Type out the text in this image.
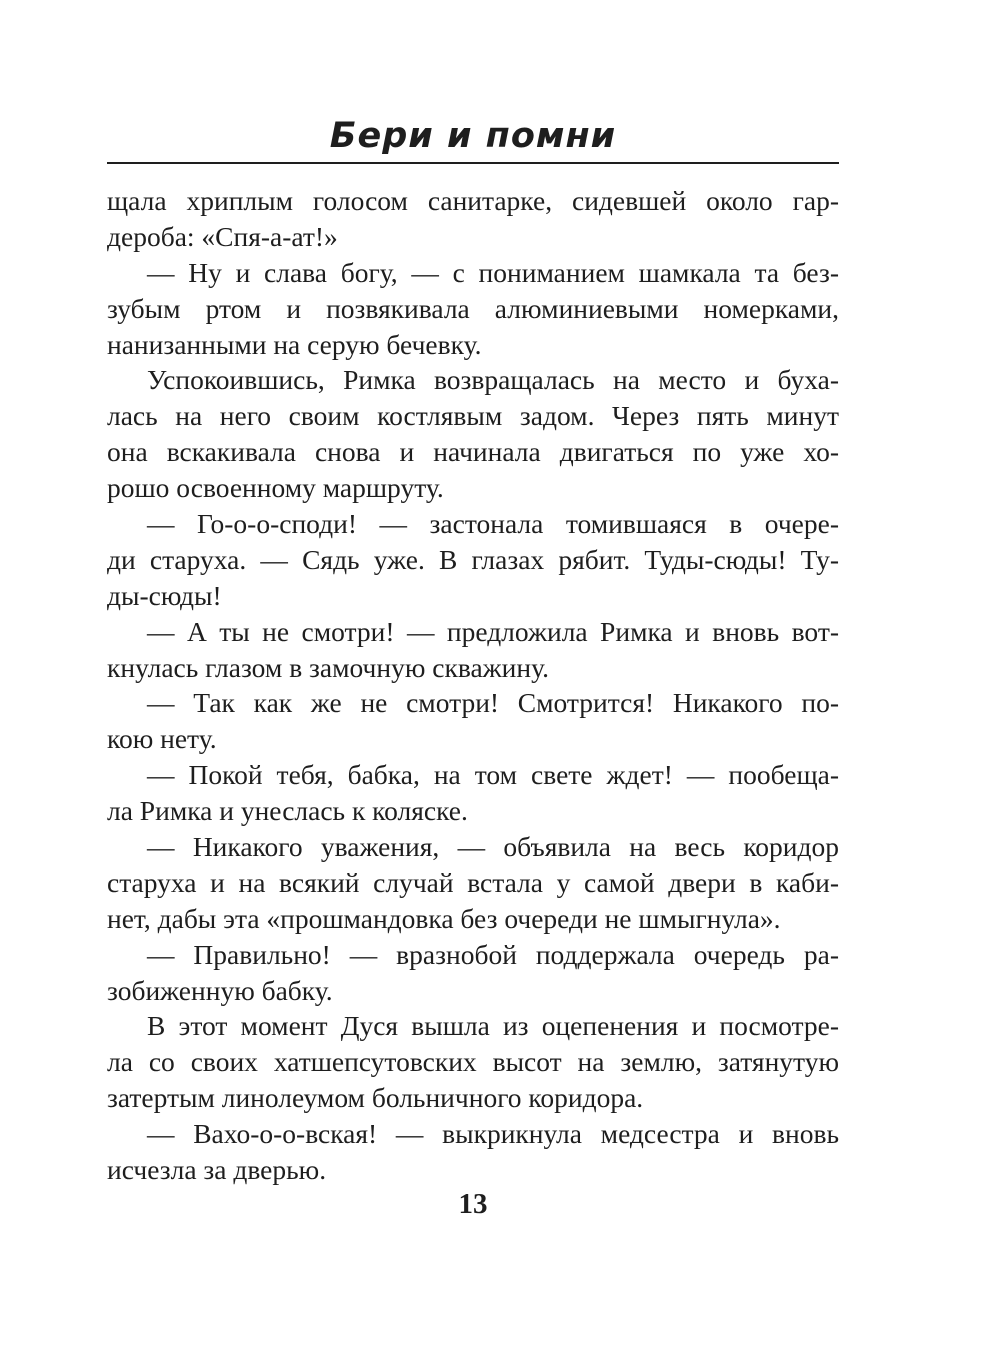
Бери и помни
щала хриплым голосом санитарке, сидевшей около гар-
дероба: «Спя-а-ат!»
— Ну и слава богу, — с пониманием шамкала та без-
зубым ртом и позвякивала алюминиевыми номерками,
нанизанными на серую бечевку.
Успокоившись, Римка возвращалась на место и буха-
лась на него своим костлявым задом. Через пять минут
она вскакивала снова и начинала двигаться по уже хо-
рошо освоенному маршруту.
— Го-о-о-споди! — застонала томившаяся в очере-
ди старуха. — Сядь уже. В глазах рябит. Туды-сюды! Ту-
ды-сюды!
— А ты не смотри! — предложила Римка и вновь вот-
кнулась глазом в замочную скважину.
— Так как же не смотри! Смотрится! Никакого по-
кою нету.
— Покой тебя, бабка, на том свете ждет! — пообеща-
ла Римка и унеслась к коляске.
— Никакого уважения, — объявила на весь коридор
старуха и на всякий случай встала у самой двери в каби-
нет, дабы эта «прошмандовка без очереди не шмыгнула».
— Правильно! — вразнобой поддержала очередь ра-
зобиженную бабку.
В этот момент Дуся вышла из оцепенения и посмотре-
ла со своих хатшепсутовских высот на землю, затянутую
затертым линолеумом больничного коридора.
— Вахо-о-о-вская! — выкрикнула медсестра и вновь
исчезла за дверью.
13
